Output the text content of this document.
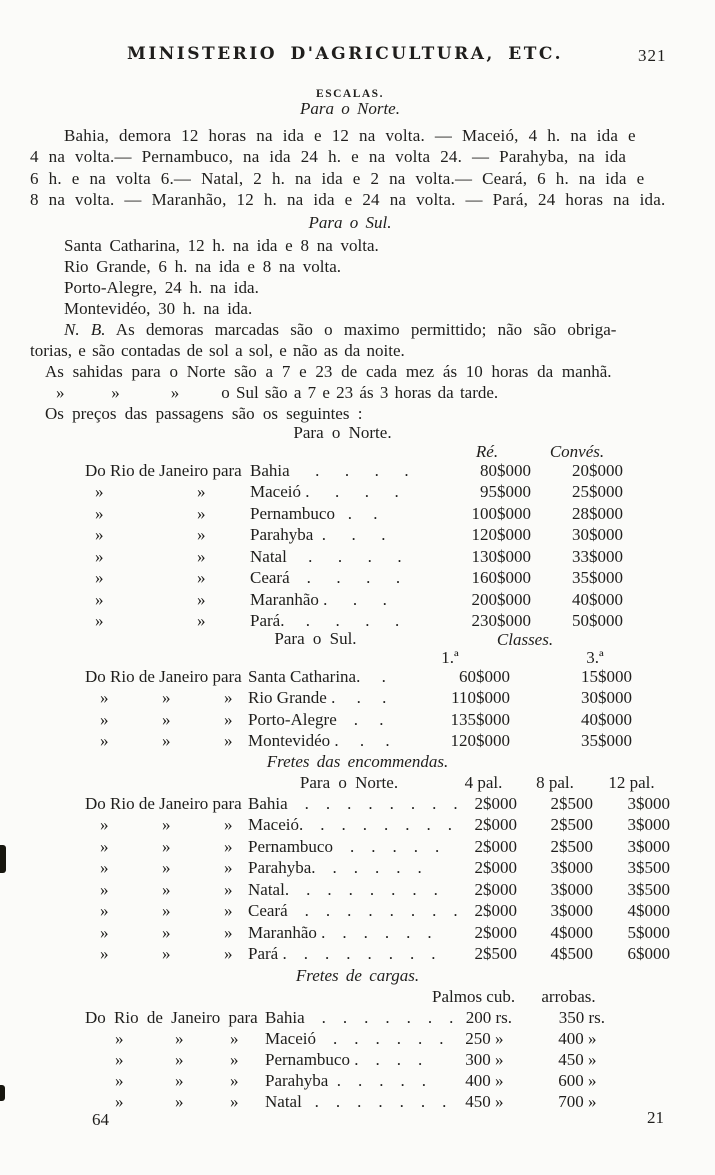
MINISTERIO D'AGRICULTURA, ETC.	321
ESCALAS.
Para o Norte.
Bahia, demora 12 horas na ida e 12 na volta. — Maceió, 4 h. na ida e
4 na volta.— Pernambuco, na ida 24 h. e na volta 24. — Parahyba, na ida
6 h. e na volta 6.— Natal, 2 h. na ida e 2 na volta.— Ceará, 6 h. na ida e
8 na volta. — Maranhão, 12 h. na ida e 24 na volta. — Pará, 24 horas na ida.
Para o Sul.
Santa Catharina, 12 h. na ida e 8 na volta.
Rio Grande, 6 h. na ida e 8 na volta.
Porto-Alegre, 24 h. na ida.
Montevidéo, 30 h. na ida.
N. B. As demoras marcadas são o maximo permittido; não são obriga-
torias, e são contadas de sol a sol, e não as da noite.
As sahidas para o Norte são a 7 e 23 de cada mez ás 10 horas da manhã.
»           »            » o Sul são a 7 e 23 ás 3 horas da tarde.
Os preços das passagens são os seguintes :
Para o Norte.
Ré.	Convés.
Do Rio de Janeiro para Bahia      .      .      .      .	80$000 20$000
»	»	Maceió .      .      .      .	95$000 25$000
»	»	Pernambuco   .     .	100$000 28$000
»	»	Parahyba  .      .      .	120$000 30$000
»	»	Natal     .      .      .      .	130$000 33$000
»	»	Ceará    .      .      .      .	160$000 35$000
»	»	Maranhão .      .      .	200$000 40$000
»	»	Pará.     .      .      .      .	230$000 50$000
Para o Sul.	Classes.
1.ª	3.ª
Do Rio de Janeiro para Santa Catharina.     .	60$000	15$000
»	»	» Rio Grande .     .     .	110$000	30$000
»	»	» Porto-Alegre    .     .	135$000	40$000
»	»	» Montevidéo .     .     .	120$000	35$000
Fretes das encommendas.
Para o Norte.	4 pal. 8 pal. 12 pal.
Do Rio de Janeiro para Bahia    .    .    .    .    .    .    .    . 2$000 2$500 3$000
»	»	» Maceió.    .    .    .    .    .    .    . 2$000 2$500 3$000
»	»	» Pernambuco    .    .    .    .    . 2$000 2$500 3$000
»	»	» Parahyba.    .    .    .    .    .	2$000 3$000 3$500
»	»	» Natal.    .    .    .    .    .    .    . 2$000 3$000 3$500
»	»	» Ceará    .    .    .    .    .    .    .    . 2$000 3$000 4$000
»	»	» Maranhão .    .    .    .    .    .	2$000 4$000 5$000
»	»	» Pará .    .    .    .    .    .    .    . 2$500 4$500 6$000
Fretes de cargas.
Palmos cub. arrobas.
Do Rio de Janeiro para Bahia    .    .    .    .    .    .    . 200 rs.	350 rs.
»	»	» Maceió    .    .    .    .    .    . 250 »	400 »
»	»	» Pernambuco .    .    .    .	300 »	450 »
»	»	» Parahyba  .    .    .    .    . 400 »	600 »
»	»	» Natal   .    .    .    .    .    .    . 450 »	700 »
64	21
